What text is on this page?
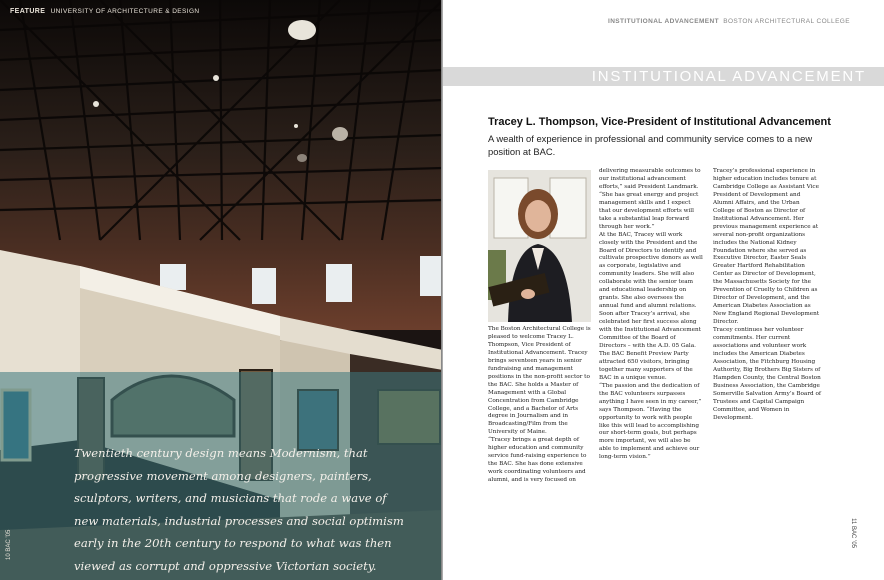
FEATURE UNIVERSITY OF ARCHITECTURE & DESIGN
Twentieth century design means Modernism, that progressive movement among designers, painters, sculptors, writers, and musicians that rode a wave of new materials, industrial processes and social optimism early in the 20th century to respond to what was then viewed as corrupt and oppressive Victorian society.
10 BAC ’05
INSTITUTIONAL ADVANCEMENT BOSTON ARCHITECTURAL COLLEGE
INSTITUTIONAL ADVANCEMENT
Tracey L. Thompson, Vice-President of Institutional Advancement
A wealth of experience in professional and community service comes to a new position at BAC.

The Boston Architectural College is pleased to welcome Tracey L. Thompson, Vice President of Institutional Advancement. Tracey brings seventeen years in senior fundraising and management positions in the non-profit sector to the BAC. She holds a Master of Management with a Global Concentration from Cambridge College, and a Bachelor of Arts degree in Journalism and in Broadcasting/Film from the University of Maine.

“Tracey brings a great depth of higher education and community service fund-raising experience to the BAC. She has done extensive work coordinating volunteers and alumni, and is very focused on

delivering measurable outcomes to our institutional advancement efforts,” said President Landmark. “She has great energy and project management skills and I expect that our development efforts will take a substantial leap forward through her work.”

At the BAC, Tracey will work closely with the President and the Board of Directors to identify and cultivate prospective donors as well as corporate, legislative and community leaders. She will also collaborate with the senior team and educational leadership on grants. She also oversees the annual fund and alumni relations.

Soon after Tracey’s arrival, she celebrated her first success along with the Institutional Advancement Committee of the Board of Directors – with the A.D. 05 Gala. The BAC Benefit Preview Party attracted 650 visitors, bringing together many supporters of the BAC in a unique venue.

“The passion and the dedication of the BAC volunteers surpasses anything I have seen in my career,” says Thompson. “Having the opportunity to work with people like this will lead to accomplishing our short-term goals, but perhaps more important, we will also be able to implement and achieve our long-term vision.”

Tracey’s professional experience in higher education includes tenure at Cambridge College as Assistant Vice President of Development and Alumni Affairs, and the Urban College of Boston as Director of Institutional Advancement. Her previous management experience at several non-profit organizations includes the National Kidney Foundation where she served as Executive Director, Easter Seals Greater Hartford Rehabilitation Center as Director of Development, the Massachusetts Society for the Prevention of Cruelty to Children as Director of Development, and the American Diabetes Association as New England Regional Development Director.

Tracey continues her volunteer commitments. Her current associations and volunteer work includes the American Diabetes Association, the Fitchburg Housing Authority, Big Brothers Big Sisters of Hampden County, the Central Boston Business Association, the Cambridge Somerville Salvation Army’s Board of Trustees and Capital Campaign Committee, and Women in Development.

11 BAC ’05
